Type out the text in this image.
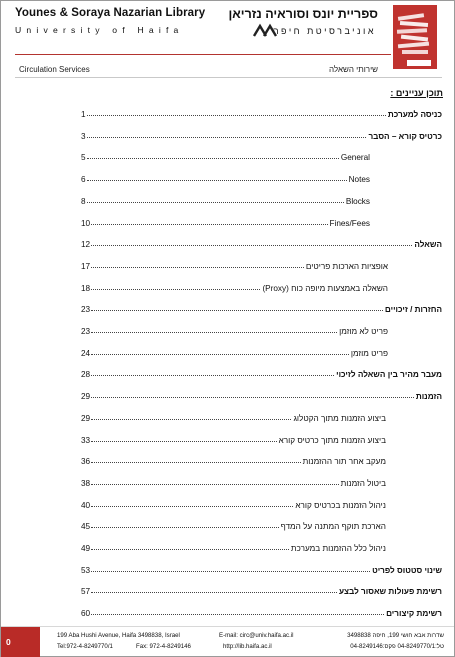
Younes & Soraya Nazarian Library
University of Haifa
ספריית יונס וסוראיה נזריאן
אוניברסיטת חיפה
Circulation Services	שירותי השאלה
תוכן עניינים :
כניסה למערכת
1
כרטיס קורא – הסבר
3
General
5
Notes
6
Blocks
8
Fines/Fees
10
השאלה
12
אופציות הארכות פריטים
17
השאלה באמצעות מיופה כוח (Proxy)
18
החזרות / זיכויים
23
פריט לא מוזמן
23
פריט מוזמן
24
מעבר מהיר בין השאלה לזיכוי
28
הזמנות
29
ביצוע הזמנות מתוך הקטלוג
29
ביצוע הזמנות מתוך כרטיס קורא
33
מעקב אחר תור ההזמנות
36
ביטול הזמנות
38
ניהול הזמנות בכרטיס קורא
40
הארכת תוקף המתנה על המדף
45
ניהול כלל ההזמנות במערכת
49
שינוי סטטוס לפריט
53
רשימת פעולות שאסור לבצע
57
רשימת קיצורים
60
0
199 Aba Hushi Avenue, Haifa 3498838, Israel
Tel:972-4-8249770/1	Fax: 972-4-8249146
E-mail: circ@univ.haifa.ac.il
http://lib.haifa.ac.il
שדרות אבא חושי 199, חיפה 3498838
טל:04-8249770/1 פקס:04-8249146
